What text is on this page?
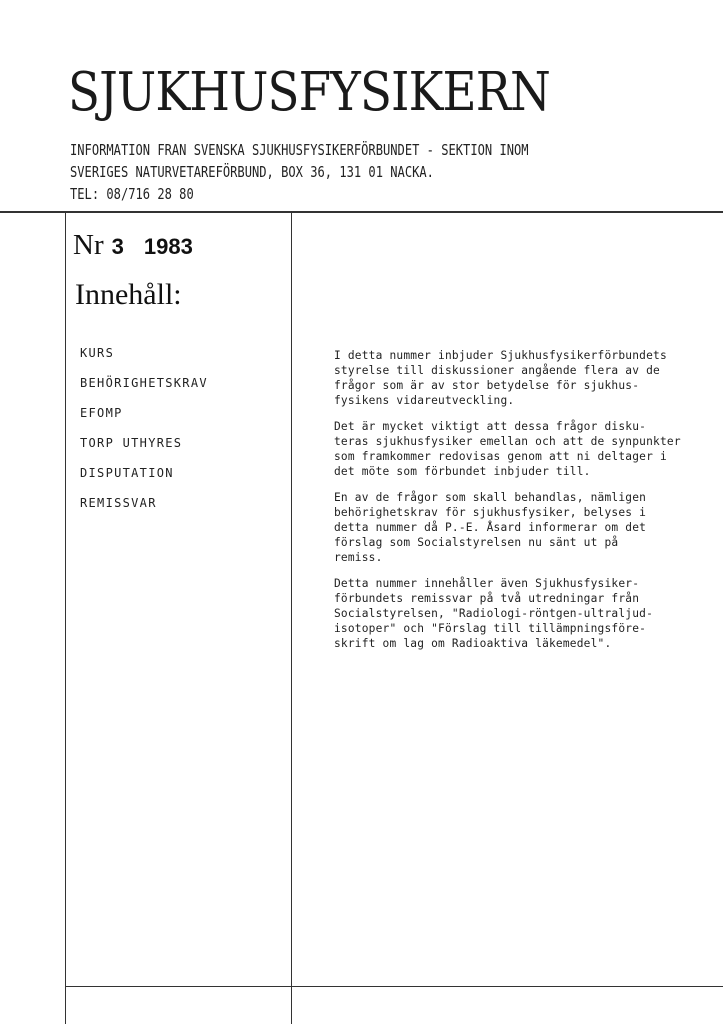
SJUKHUSFYSIKERN
INFORMATION FRAN SVENSKA SJUKHUSFYSIKERFÖRBUNDET - SEKTION INOM
SVERIGES NATURVETAREFÖRBUND, BOX 36, 131 01 NACKA.
TEL: 08/716 28 80
Nr 3 1983
Innehåll:
KURS
BEHÖRIGHETSKRAV
EFOMP
TORP UTHYRES
DISPUTATION
REMISSVAR

I detta nummer inbjuder Sjukhusfysikerförbundets
styrelse till diskussioner angående flera av de
frågor som är av stor betydelse för sjukhus-
fysikens vidareutveckling.

Det är mycket viktigt att dessa frågor disku-
teras sjukhusfysiker emellan och att de synpunkter
som framkommer redovisas genom att ni deltager i
det möte som förbundet inbjuder till.

En av de frågor som skall behandlas, nämligen
behörighetskrav för sjukhusfysiker, belyses i
detta nummer då P.-E. Åsard informerar om det
förslag som Socialstyrelsen nu sänt ut på
remiss.

Detta nummer innehåller även Sjukhusfysiker-
förbundets remissvar på två utredningar från
Socialstyrelsen, "Radiologi-röntgen-ultraljud-
isotoper" och "Förslag till tillämpningsföre-
skrift om lag om Radioaktiva läkemedel".
